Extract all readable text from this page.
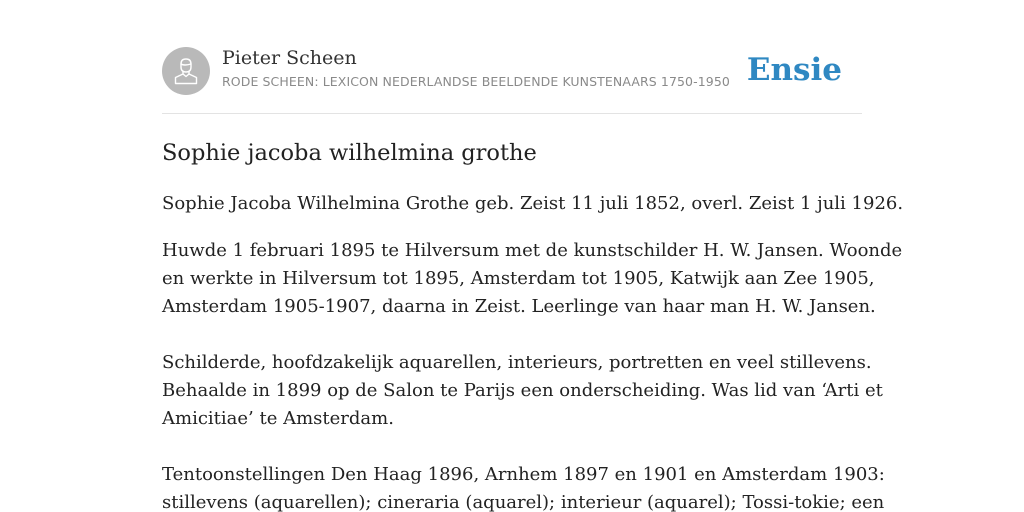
Pieter Scheen
RODE SCHEEN: LEXICON NEDERLANDSE BEELDENDE KUNSTENAARS 1750-1950 Ensie
Sophie jacoba wilhelmina grothe

Sophie Jacoba Wilhelmina Grothe geb. Zeist 11 juli 1852, overl. Zeist 1 juli 1926.

Huwde 1 februari 1895 te Hilversum met de kunstschilder H. W. Jansen. Woonde

en werkte in Hilversum tot 1895, Amsterdam tot 1905, Katwijk aan Zee 1905,

Amsterdam 1905-1907, daarna in Zeist. Leerlinge van haar man H. W. Jansen.

Schilderde, hoofdzakelijk aquarellen, interieurs, portretten en veel stillevens.

Behaalde in 1899 op de Salon te Parijs een onderscheiding. Was lid van ‘Arti et

Amicitiae’ te Amsterdam.

Tentoonstellingen Den Haag 1896, Arnhem 1897 en 1901 en Amsterdam 1903:

stillevens (aquarellen); cineraria (aquarel); interieur (aquarel); Tossi-tokie; een
